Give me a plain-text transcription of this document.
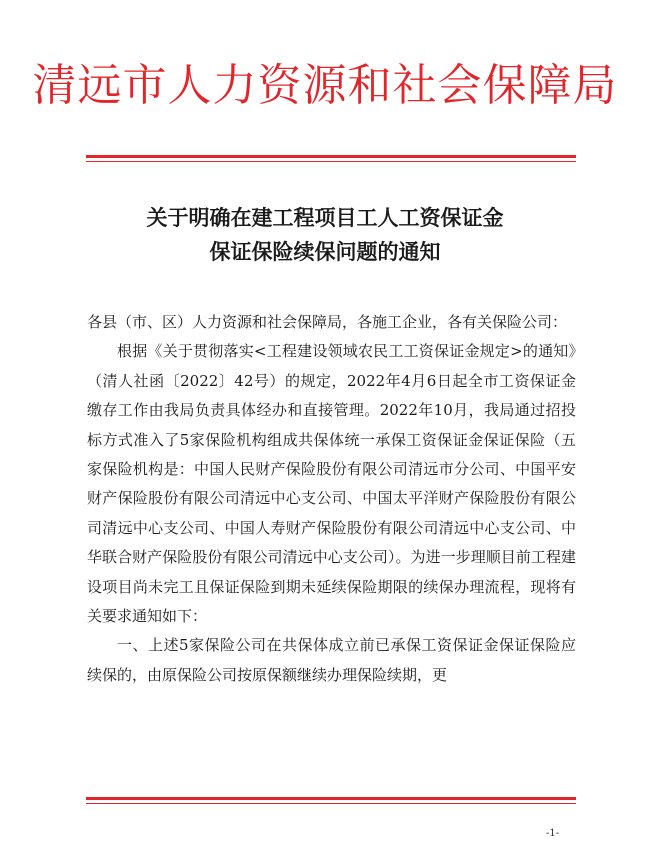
清远市人力资源和社会保障局
关于明确在建工程项目工人工资保证金
保证保险续保问题的通知

各县（市、区）人力资源和社会保障局，各施工企业，各有关保险公司：

根据《关于贯彻落实<工程建设领域农民工工资保证金规定>的通知》（清人社函〔2022〕42号）的规定，2022年4月6日起全市工资保证金缴存工作由我局负责具体经办和直接管理。2022年10月，我局通过招投标方式准入了5家保险机构组成共保体统一承保工资保证金保证保险（五家保险机构是：中国人民财产保险股份有限公司清远市分公司、中国平安财产保险股份有限公司清远中心支公司、中国太平洋财产保险股份有限公司清远中心支公司、中国人寿财产保险股份有限公司清远中心支公司、中华联合财产保险股份有限公司清远中心支公司）。为进一步理顺目前工程建设项目尚未完工且保证保险到期未延续保险期限的续保办理流程，现将有关要求通知如下：

一、上述5家保险公司在共保体成立前已承保工资保证金保证保险应续保的，由原保险公司按原保额继续办理保险续期，更

-1-
